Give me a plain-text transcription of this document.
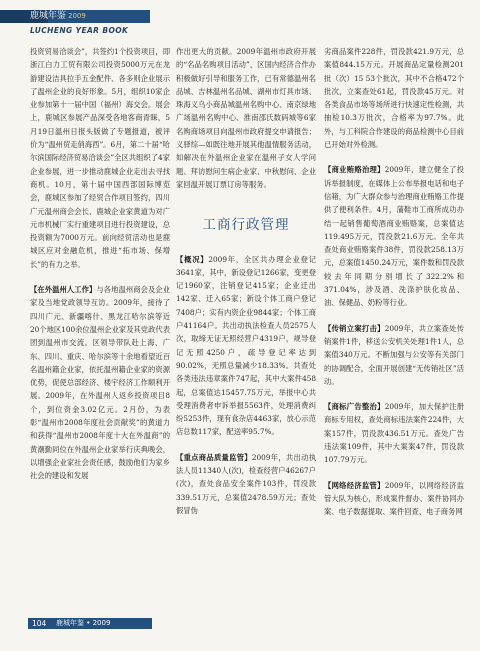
鹿城年鉴 2009
LUCHENG YEAR BOOK

投资贸易洽谈会”，共签约1个投资项目，即浙江白力工贸有限公司投资5000万元在龙游建设洁具拉手五金配件、各多则企业展示了温州企业的良好形象。5月，组织10家企业参加第十一届中国（福州）海交会。展会上，鹿城区参展产品深受各地客商青睐，5月19日温州日报头版做了专题报道，被评价为“温州贸走俏海西”。6月，第二十届“哈尔滨国际经济贸易洽谈会”全区共组织了4家企业参展，进一步推动鹿城企业走出去寻找商机。10月，第十届中国西部国际博览会，鹿城区参加了经贸合作项目签约，四川广元温州商会会长、鹿城企业家黄道为对广元市机械厂实行重建项目进行投资建设，总投资额为7000万元。前向经贸活动也是鹿城区应对金融危机，推进“拓市场、保增长”的有力之举。

【在外温州人工作】与各地温州商会及企业家及当地党政领导互访。2009年，接待了四川广元、新疆喀什、黑龙江哈尔滨等近20个地区100余位温州企业家及其党政代表团到温州市交流。区领导带队赴上海、广东、四川、重庆、哈尔滨等十余地看望近百名温州籍企业家，依托温州籍企业家的资源优势，促使总部经济、楼宇经济工作顺利开展。2009年，在外温州人返乡投资项目8个，到位资金3.02亿元。2月份，为表彰“温州市2008年度社会贡献奖”的黄道力和获得“温州市2008年度十大在外温商”的黄潮勤同位在外温州企业家举行庆典晚会，以增强企业家社会责任感，鼓励他们为家乡社会的建设和发展

作出更大的贡献。2009年温州市政府开展的“名品名购项目活动”，区国内经济合作办积极做好引导和服务工作，已有常德温州名品城、吉林温州名品城、湖州市灯具市场、珠海义乌小商品城温州名购中心、南京绿地广场温州名购中心、淮南邵氏数码城等6家名购商场项目向温州市政府提交申请报告；义驿综—如既往地开展其他温情服务活动，如解决在外温州企业家在温州子女人学问题、拜访慰问生病企业家、中秋慰问、企业家回温开展订票订房等服务。

工商行政管理

【概况】2009年，全区共办理企业登记3641家，其中，新设登记1266家，变更登记1960家，注销登记415家；企业迁出142家、迁入65家；新设个体工商户登记7408户；实有内资企业9844家；个体工商户41164户。共出动执法检查人员2575人次，取缔无证无照经营户4319户，规导登记无照4250户，疏导登记率达到90.02%，无照总量减少18.33%。共查处各类违法违章案件747起，其中大案件458起，总案值达15457.75万元，举报中心共受理消费者申诉举报5563件，处理消费纠纷5253件，现有食杂店4463家，放心示范店总数117家，配送率95.7%。

【重点商品质量监管】2009年，共出动执法人员11340人(次)，检查经营户46267户(次)，查处食品安全案件103件，罚没款339.51万元，总案值2478.59万元；查处假冒伪

劣商品案件228件，罚没款421.9万元，总案值844.15万元。开展商品定量检测201批（次）15 53个批次，其中不合格472个批次，立案查处61起，罚没款45万元。对各类食品市场等场所进行快速定性检测，共抽检10.3万批次，合格率为97.7%。此外，与工科院合作建设的商品检测中心目前已开始对外检测。

【商业贿赂治理】2009年，建立健全了投诉举报制度，在媒体上公布举报电话和电子信箱，为广大群众参与治理商业贿赂工作提供了便利条件。4月，蒲鞋市工商所成功办结一起销售葡萄酒商业贿赂案，总案值达119.495万元，罚没款21.6万元。全年共查处商业贿赂案件38件，罚没款258.13万元，总案值1450.24万元，案件数和罚没款较去年同期分别增长了322.2%和371.04%，涉及酒、洗涤护肤化妆品、油、保健品、奶粉等行业。

【传销立案打击】2009年，共立案查处传销案件1件，移送公安机关处理1件1人，总案值340万元。不断加强与公安等有关部门的协调配合，全面开展创建“无传销社区”活动。

【商标广告整治】2009年，加大保护注册商标专用权，查处商标违法案件224件，大案157件，罚没款436.51万元。查处广告违法案109件，其中大案案47件，罚没款107.79万元。

【网络经济监管】2009年，以网络经济监管大队为核心，形成案件督办、案件协同办案、电子数据提取、案件回查、电子商务网

104 鹿城年鉴 • 2009
